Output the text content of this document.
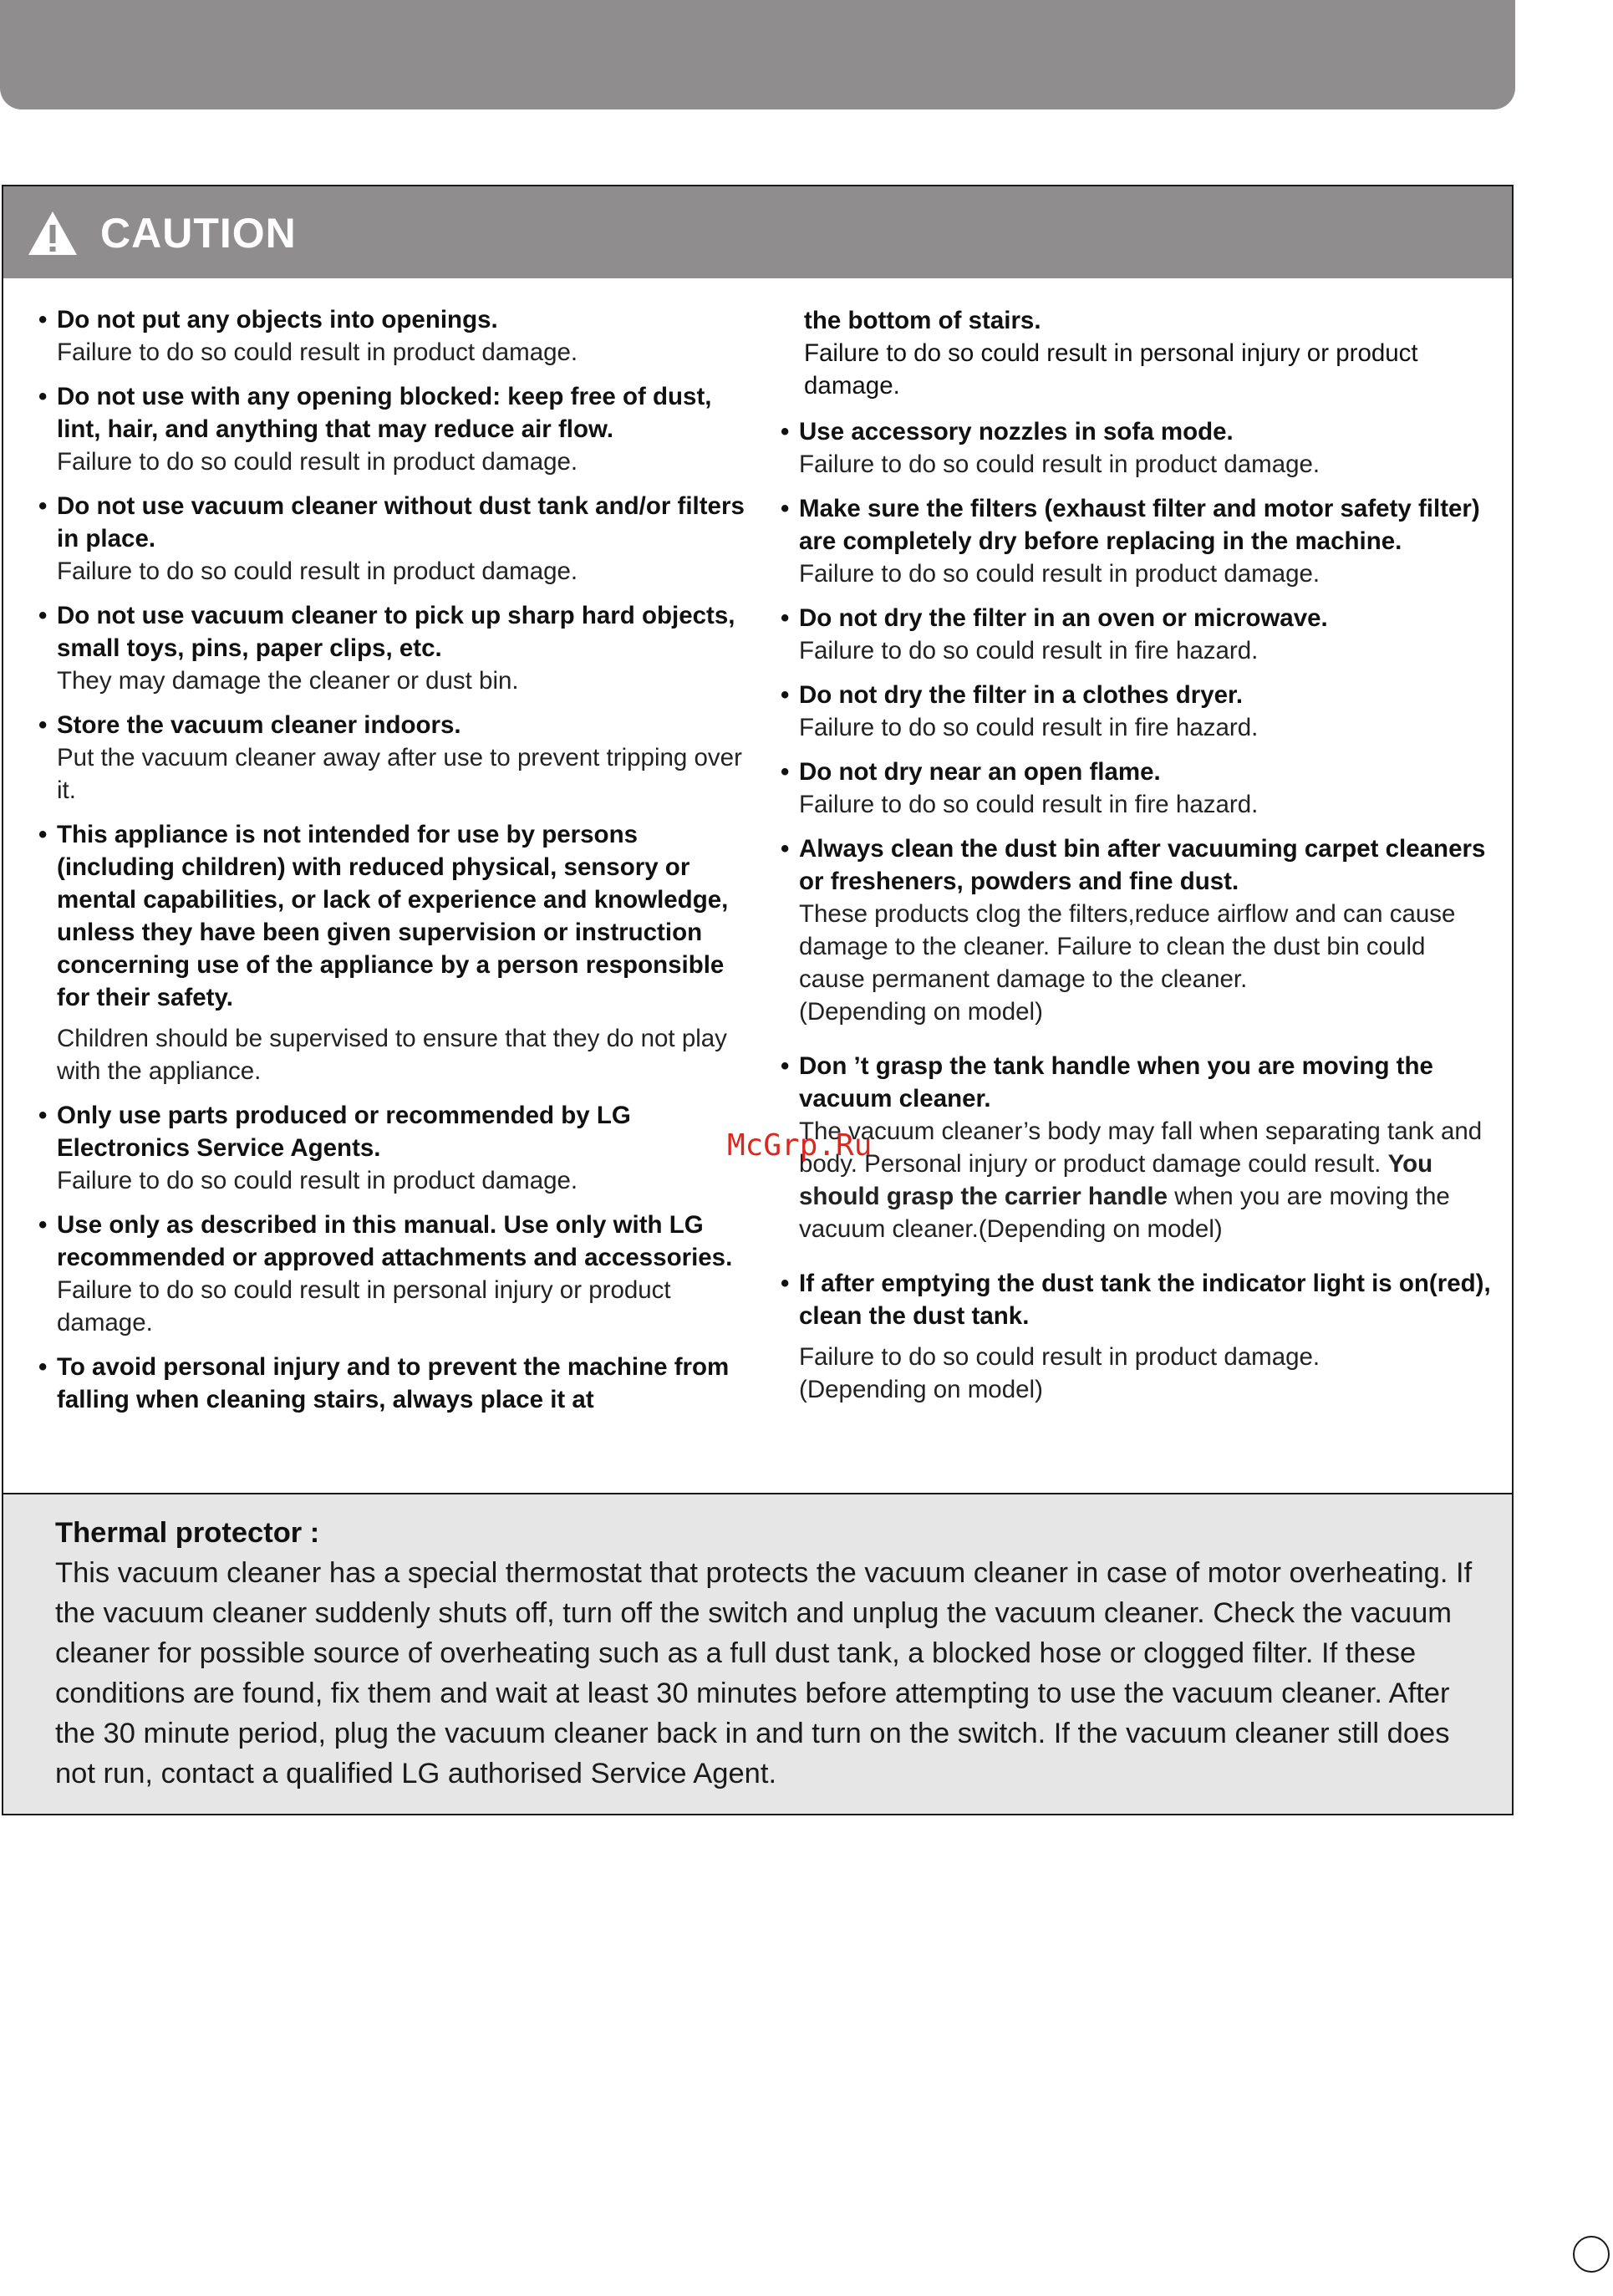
CAUTION
• Do not put any objects into openings.
Failure to do so could result in product damage.
• Do not use with any opening blocked: keep free of dust, lint, hair, and anything that may reduce air flow.
Failure to do so could result in product damage.
• Do not use vacuum cleaner without dust tank and/or filters in place.
Failure to do so could result in product damage.
• Do not use vacuum cleaner to pick up sharp hard objects, small toys, pins, paper clips, etc.
They may damage the cleaner or dust bin.
• Store the vacuum cleaner indoors.
Put the vacuum cleaner away after use to prevent tripping over it.
• This appliance is not intended for use by persons (including children) with reduced physical, sensory or mental capabilities, or lack of experience and knowledge, unless they have been given supervision or instruction concerning use of the appliance by a person responsible for their safety.
Children should be supervised to ensure that they do not play with the appliance.
• Only use parts produced or recommended by LG Electronics Service Agents.
Failure to do so could result in product damage.
• Use only as described in this manual. Use only with LG recommended or approved attachments and accessories.
Failure to do so could result in personal injury or product damage.
• To avoid personal injury and to prevent the machine from falling when cleaning stairs, always place it at
the bottom of stairs.
Failure to do so could result in personal injury or product damage.
• Use accessory nozzles in sofa mode.
Failure to do so could result in product damage.
• Make sure the filters (exhaust filter and motor safety filter) are completely dry before replacing in the machine.
Failure to do so could result in product damage.
• Do not dry the filter in an oven or microwave.
Failure to do so could result in fire hazard.
• Do not dry the filter in a clothes dryer.
Failure to do so could result in fire hazard.
• Do not dry near an open flame.
Failure to do so could result in fire hazard.
• Always clean the dust bin after vacuuming carpet cleaners or fresheners, powders and fine dust.
These products clog the filters,reduce airflow and can cause damage to the cleaner. Failure to clean the dust bin could cause permanent damage to the cleaner.
(Depending on model)
• Don ’t grasp the tank handle when you are moving the vacuum cleaner.
The vacuum cleaner’s body may fall when separating tank and body. Personal injury or product damage could result. You should grasp the carrier handle when you are moving the vacuum cleaner.(Depending on model)
• If after emptying the dust tank the indicator light is on(red), clean the dust tank.
Failure to do so could result in product damage.
(Depending on model)
Thermal protector :
This vacuum cleaner has a special thermostat that protects the vacuum cleaner in case of motor overheating. If the vacuum cleaner suddenly shuts off, turn off the switch and unplug the vacuum cleaner. Check the vacuum cleaner for possible source of overheating such as a full dust tank, a blocked hose or clogged filter. If these conditions are found, fix them and wait at least 30 minutes before attempting to use the vacuum cleaner. After the 30 minute period, plug the vacuum cleaner back in and turn on the switch. If the vacuum cleaner still does not run, contact a qualified LG authorised Service Agent.
McGrp.Ru
